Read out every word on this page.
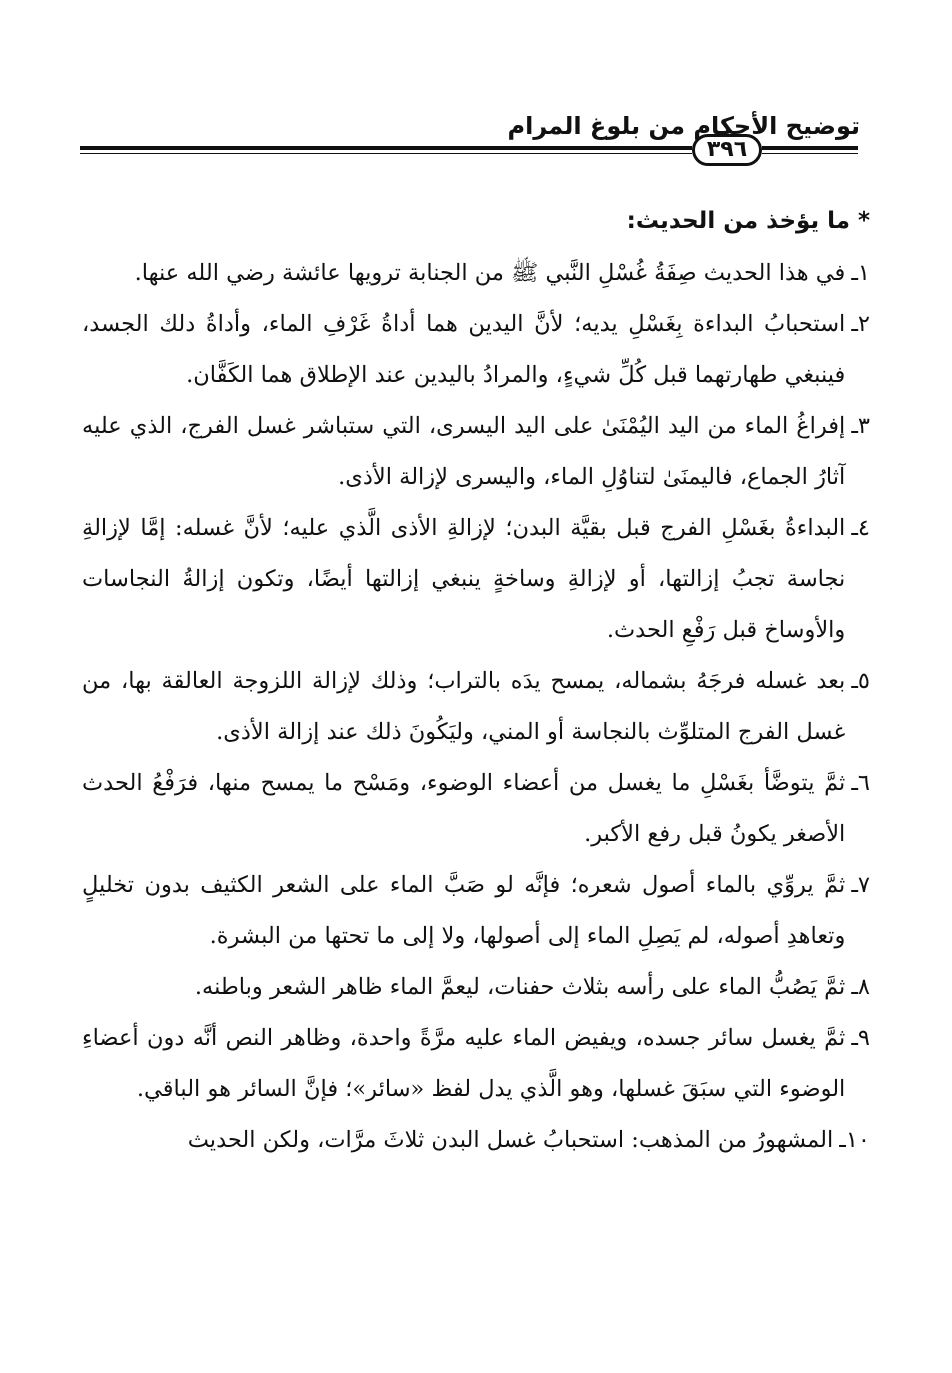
توضيح الأحكام من بلوغ المرام
٣٩٦

* ما يؤخذ من الحديث:

١ـ
في هذا الحديث صِفَةُ غُسْلِ النَّبي ﷺ من الجنابة ترويها عائشة رضي الله عنها.
٢ـ
استحبابُ البداءة بِغَسْلِ يديه؛ لأنَّ اليدين هما أداةُ غَرْفِ الماء، وأداةُ دلك الجسد، فينبغي طهارتهما قبل كُلِّ شيءٍ، والمرادُ باليدين عند الإطلاق هما الكَفَّان.
٣ـ
إفراغُ الماء من اليد اليُمْنَىٰ على اليد اليسرى، التي ستباشر غسل الفرج، الذي عليه آثارُ الجماع، فاليمنَىٰ لتناوُلِ الماء، واليسرى لإزالة الأذى.
٤ـ
البداءةُ بغَسْلِ الفرج قبل بقيَّة البدن؛ لإزالةِ الأذى الَّذي عليه؛ لأنَّ غسله: إمَّا لإزالةِ نجاسة تجبُ إزالتها، أو لإزالةِ وساخةٍ ينبغي إزالتها أيضًا، وتكون إزالةُ النجاسات والأوساخ قبل رَفْعِ الحدث.
٥ـ
بعد غسله فرجَهُ بشماله، يمسح يدَه بالتراب؛ وذلك لإزالة اللزوجة العالقة بها، من غسل الفرج المتلوِّث بالنجاسة أو المني، وليَكُونَ ذلك عند إزالة الأذى.
٦ـ
ثمَّ يتوضَّأ بغَسْلِ ما يغسل من أعضاء الوضوء، ومَسْح ما يمسح منها، فرَفْعُ الحدث الأصغر يكونُ قبل رفع الأكبر.
٧ـ
ثمَّ يروِّي بالماء أصول شعره؛ فإنَّه لو صَبَّ الماء على الشعر الكثيف بدون تخليلٍ وتعاهدِ أصوله، لم يَصِلِ الماء إلى أصولها، ولا إلى ما تحتها من البشرة.
٨ـ
ثمَّ يَصُبُّ الماء على رأسه بثلاث حفنات، ليعمَّ الماء ظاهر الشعر وباطنه.
٩ـ
ثمَّ يغسل سائر جسده، ويفيض الماء عليه مرَّةً واحدة، وظاهر النص أنَّه دون أعضاءِ الوضوء التي سبَقَ غسلها، وهو الَّذي يدل لفظ «سائر»؛ فإنَّ السائر هو الباقي.
١٠ـ
المشهورُ من المذهب: استحبابُ غسل البدن ثلاثَ مرَّات، ولكن الحديث
